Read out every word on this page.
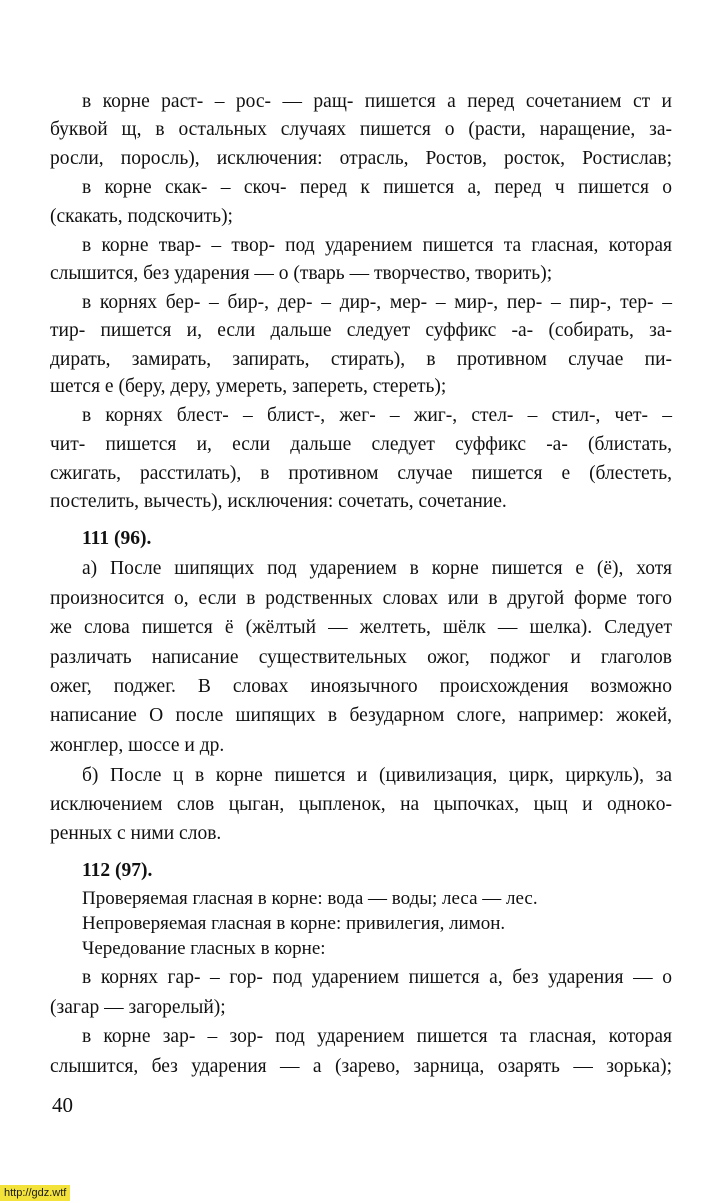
в корне раст- – рос- — ращ- пишется а перед сочетанием ст и
буквой щ, в остальных случаях пишется о (расти, наращение, за-
росли, поросль), исключения: отрасль, Ростов, росток, Ростислав;
в корне скак- – скоч- перед к пишется а, перед ч пишется о
(скакать, подскочить);
в корне твар- – твор- под ударением пишется та гласная, которая
слышится, без ударения — о (тварь — творчество, творить);
в корнях бер- – бир-, дер- – дир-, мер- – мир-, пер- – пир-, тер- –
тир- пишется и, если дальше следует суффикс -а- (собирать, за-
дирать, замирать, запирать, стирать), в противном случае пи-
шется е (беру, деру, умереть, запереть, стереть);
в корнях блест- – блист-, жег- – жиг-, стел- – стил-, чет- –
чит- пишется и, если дальше следует суффикс -а- (блистать,
сжигать, расстилать), в противном случае пишется е (блестеть,
постелить, вычесть), исключения: сочетать, сочетание.
111 (96).
а) После шипящих под ударением в корне пишется е (ё), хотя
произносится о, если в родственных словах или в другой форме того
же слова пишется ё (жёлтый — желтеть, шёлк — шелка). Следует
различать написание существительных ожог, поджог и глаголов
ожег, поджег. В словах иноязычного происхождения возможно
написание О после шипящих в безударном слоге, например: жокей,
жонглер, шоссе и др.
б) После ц в корне пишется и (цивилизация, цирк, циркуль), за
исключением слов цыган, цыпленок, на цыпочках, цыц и однокo-
ренных с ними слов.
112 (97).
Проверяемая гласная в корне: вода — воды; леса — лес.
Непроверяемая гласная в корне: привилегия, лимон.
Чередование гласных в корне:
в корнях гар- – гор- под ударением пишется а, без ударения — о
(загар — загорелый);
в корне зар- – зор- под ударением пишется та гласная, которая
слышится, без ударения — а (зарево, зарница, озарять — зорька);
40
http://gdz.wtf
